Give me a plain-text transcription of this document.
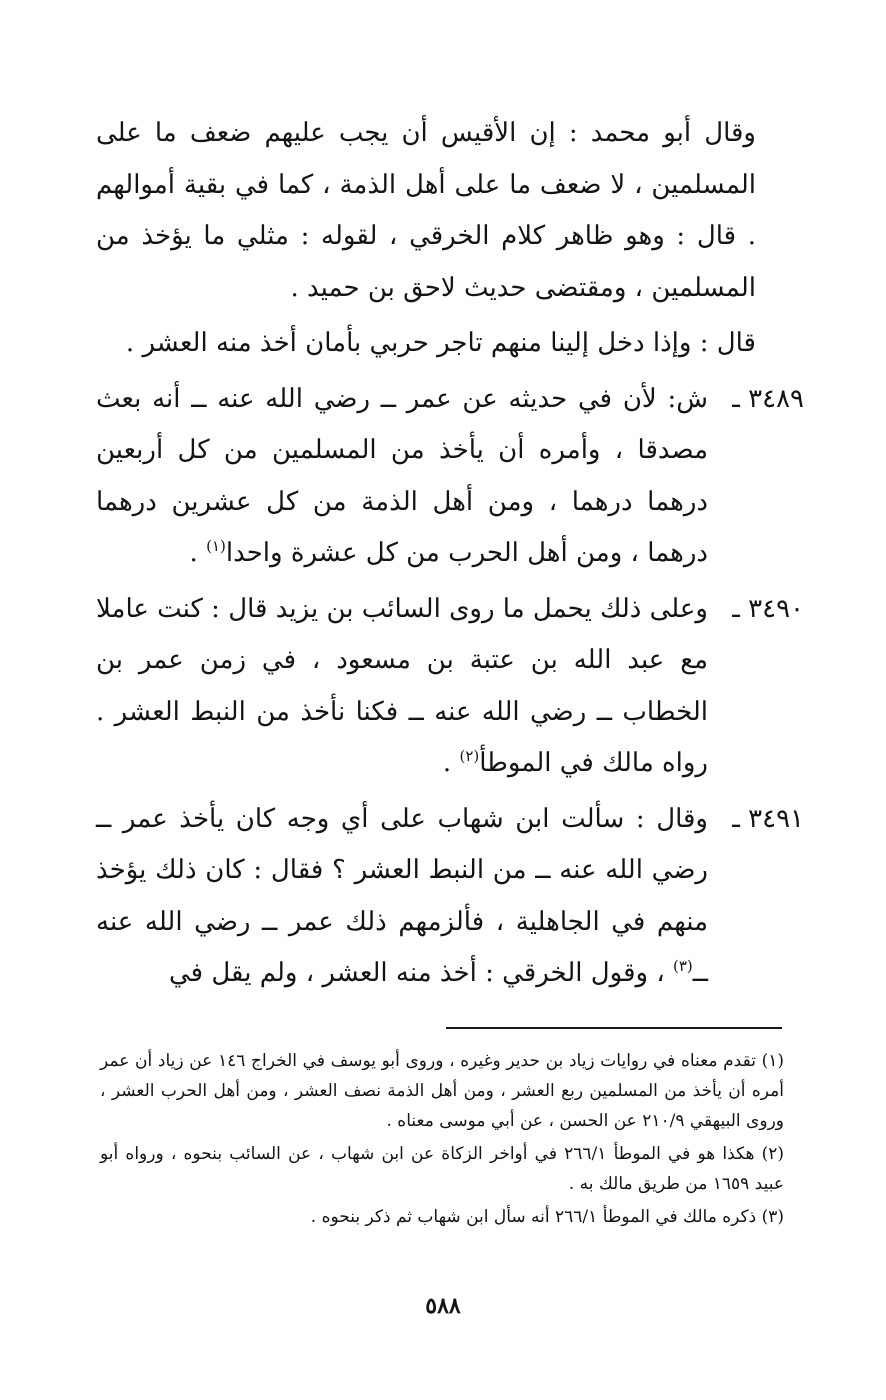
وقال أبو محمد : إن الأقيس أن يجب عليهم ضعف ما على المسلمين ، لا ضعف ما على أهل الذمة ، كما في بقية أموالهم . قال : وهو ظاهر كلام الخرقي ، لقوله : مثلي ما يؤخذ من المسلمين ، ومقتضى حديث لاحق بن حميد .

قال : وإذا دخل إلينا منهم تاجر حربي بأمان أخذ منه العشر .

٣٤٨٩ ـ
ش: لأن في حديثه عن عمر ــ رضي الله عنه ــ أنه بعث مصدقا ، وأمره أن يأخذ من المسلمين من كل أربعين درهما درهما ، ومن أهل الذمة من كل عشرين درهما درهما ، ومن أهل الحرب من كل عشرة واحدا$^{(١)}$ .

٣٤٩٠ ـ
وعلى ذلك يحمل ما روى السائب بن يزيد قال : كنت عاملا مع عبد الله بن عتبة بن مسعود ، في زمن عمر بن الخطاب ــ رضي الله عنه ــ فكنا نأخذ من النبط العشر . رواه مالك في الموطأ$^{(٢)}$ .

٣٤٩١ ـ
وقال : سألت ابن شهاب على أي وجه كان يأخذ عمر ــ رضي الله عنه ــ من النبط العشر ؟ فقال : كان ذلك يؤخذ منهم في الجاهلية ، فألزمهم ذلك عمر ــ رضي الله عنه ــ$^{(٣)}$ ، وقول الخرقي : أخذ منه العشر ، ولم يقل في

(١) تقدم معناه في روايات زياد بن حدير وغيره ، وروى أبو يوسف في الخراج ١٤٦ عن زياد أن عمر أمره أن يأخذ من المسلمين ربع العشر ، ومن أهل الذمة نصف العشر ، ومن أهل الحرب العشر ، وروى البيهقي ٢١٠/٩ عن الحسن ، عن أبي موسى معناه .

(٢) هكذا هو في الموطأ ٢٦٦/١ في أواخر الزكاة عن ابن شهاب ، عن السائب بنحوه ، ورواه أبو عبيد ١٦٥٩ من طريق مالك به .

(٣) ذكره مالك في الموطأ ٢٦٦/١ أنه سأل ابن شهاب ثم ذكر بنحوه .

٥٨٨
